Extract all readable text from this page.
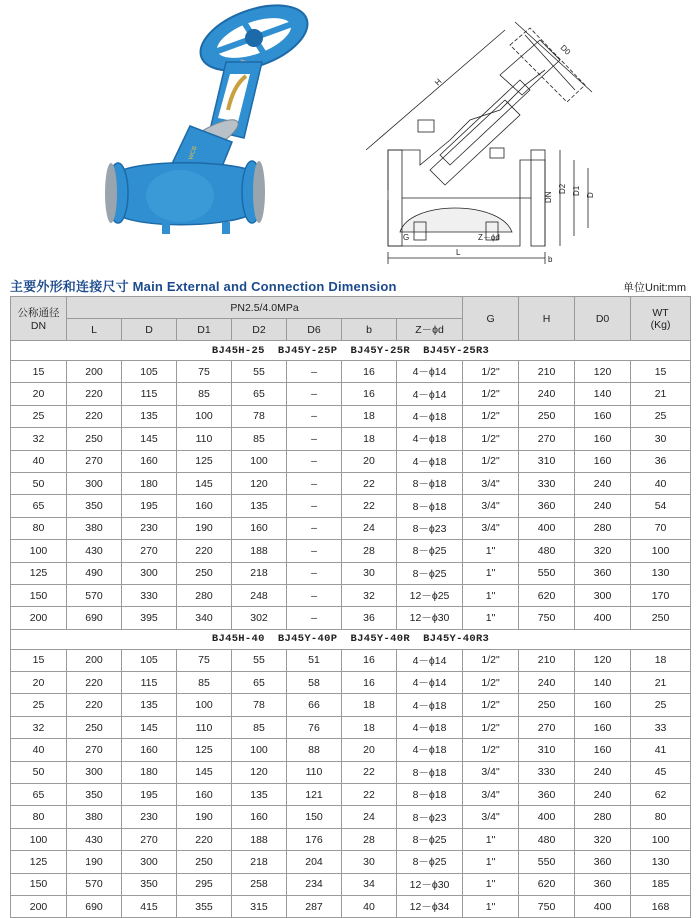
WCB
H
D0
L
G	Z－ϕd
b
D
D1
D2
DN
主要外形和连接尺寸 Main External and Connection Dimension	单位Unit:mm
公称通径
DN	PN2.5/4.0MPa							G	H	D0	WT
(Kg)
	L	D	D1	D2	D6	b	Z－ϕd				
BJ45H-25  BJ45Y-25P  BJ45Y-25R  BJ45Y-25R3											
15	200	105	75	55	–	16	4－ϕ14	1/2"	210	120	15
20	220	115	85	65	–	16	4－ϕ14	1/2"	240	140	21
25	220	135	100	78	–	18	4－ϕ18	1/2"	250	160	25
32	250	145	110	85	–	18	4－ϕ18	1/2"	270	160	30
40	270	160	125	100	–	20	4－ϕ18	1/2"	310	160	36
50	300	180	145	120	–	22	8－ϕ18	3/4"	330	240	40
65	350	195	160	135	–	22	8－ϕ18	3/4"	360	240	54
80	380	230	190	160	–	24	8－ϕ23	3/4"	400	280	70
100	430	270	220	188	–	28	8－ϕ25	1"	480	320	100
125	490	300	250	218	–	30	8－ϕ25	1"	550	360	130
150	570	330	280	248	–	32	12－ϕ25	1"	620	300	170
200	690	395	340	302	–	36	12－ϕ30	1"	750	400	250
BJ45H-40  BJ45Y-40P  BJ45Y-40R  BJ45Y-40R3											
15	200	105	75	55	51	16	4－ϕ14	1/2"	210	120	18
20	220	115	85	65	58	16	4－ϕ14	1/2"	240	140	21
25	220	135	100	78	66	18	4－ϕ18	1/2"	250	160	25
32	250	145	110	85	76	18	4－ϕ18	1/2"	270	160	33
40	270	160	125	100	88	20	4－ϕ18	1/2"	310	160	41
50	300	180	145	120	110	22	8－ϕ18	3/4"	330	240	45
65	350	195	160	135	121	22	8－ϕ18	3/4"	360	240	62
80	380	230	190	160	150	24	8－ϕ23	3/4"	400	280	80
100	430	270	220	188	176	28	8－ϕ25	1"	480	320	100
125	190	300	250	218	204	30	8－ϕ25	1"	550	360	130
150	570	350	295	258	234	34	12－ϕ30	1"	620	360	185
200	690	415	355	315	287	40	12－ϕ34	1"	750	400	168
